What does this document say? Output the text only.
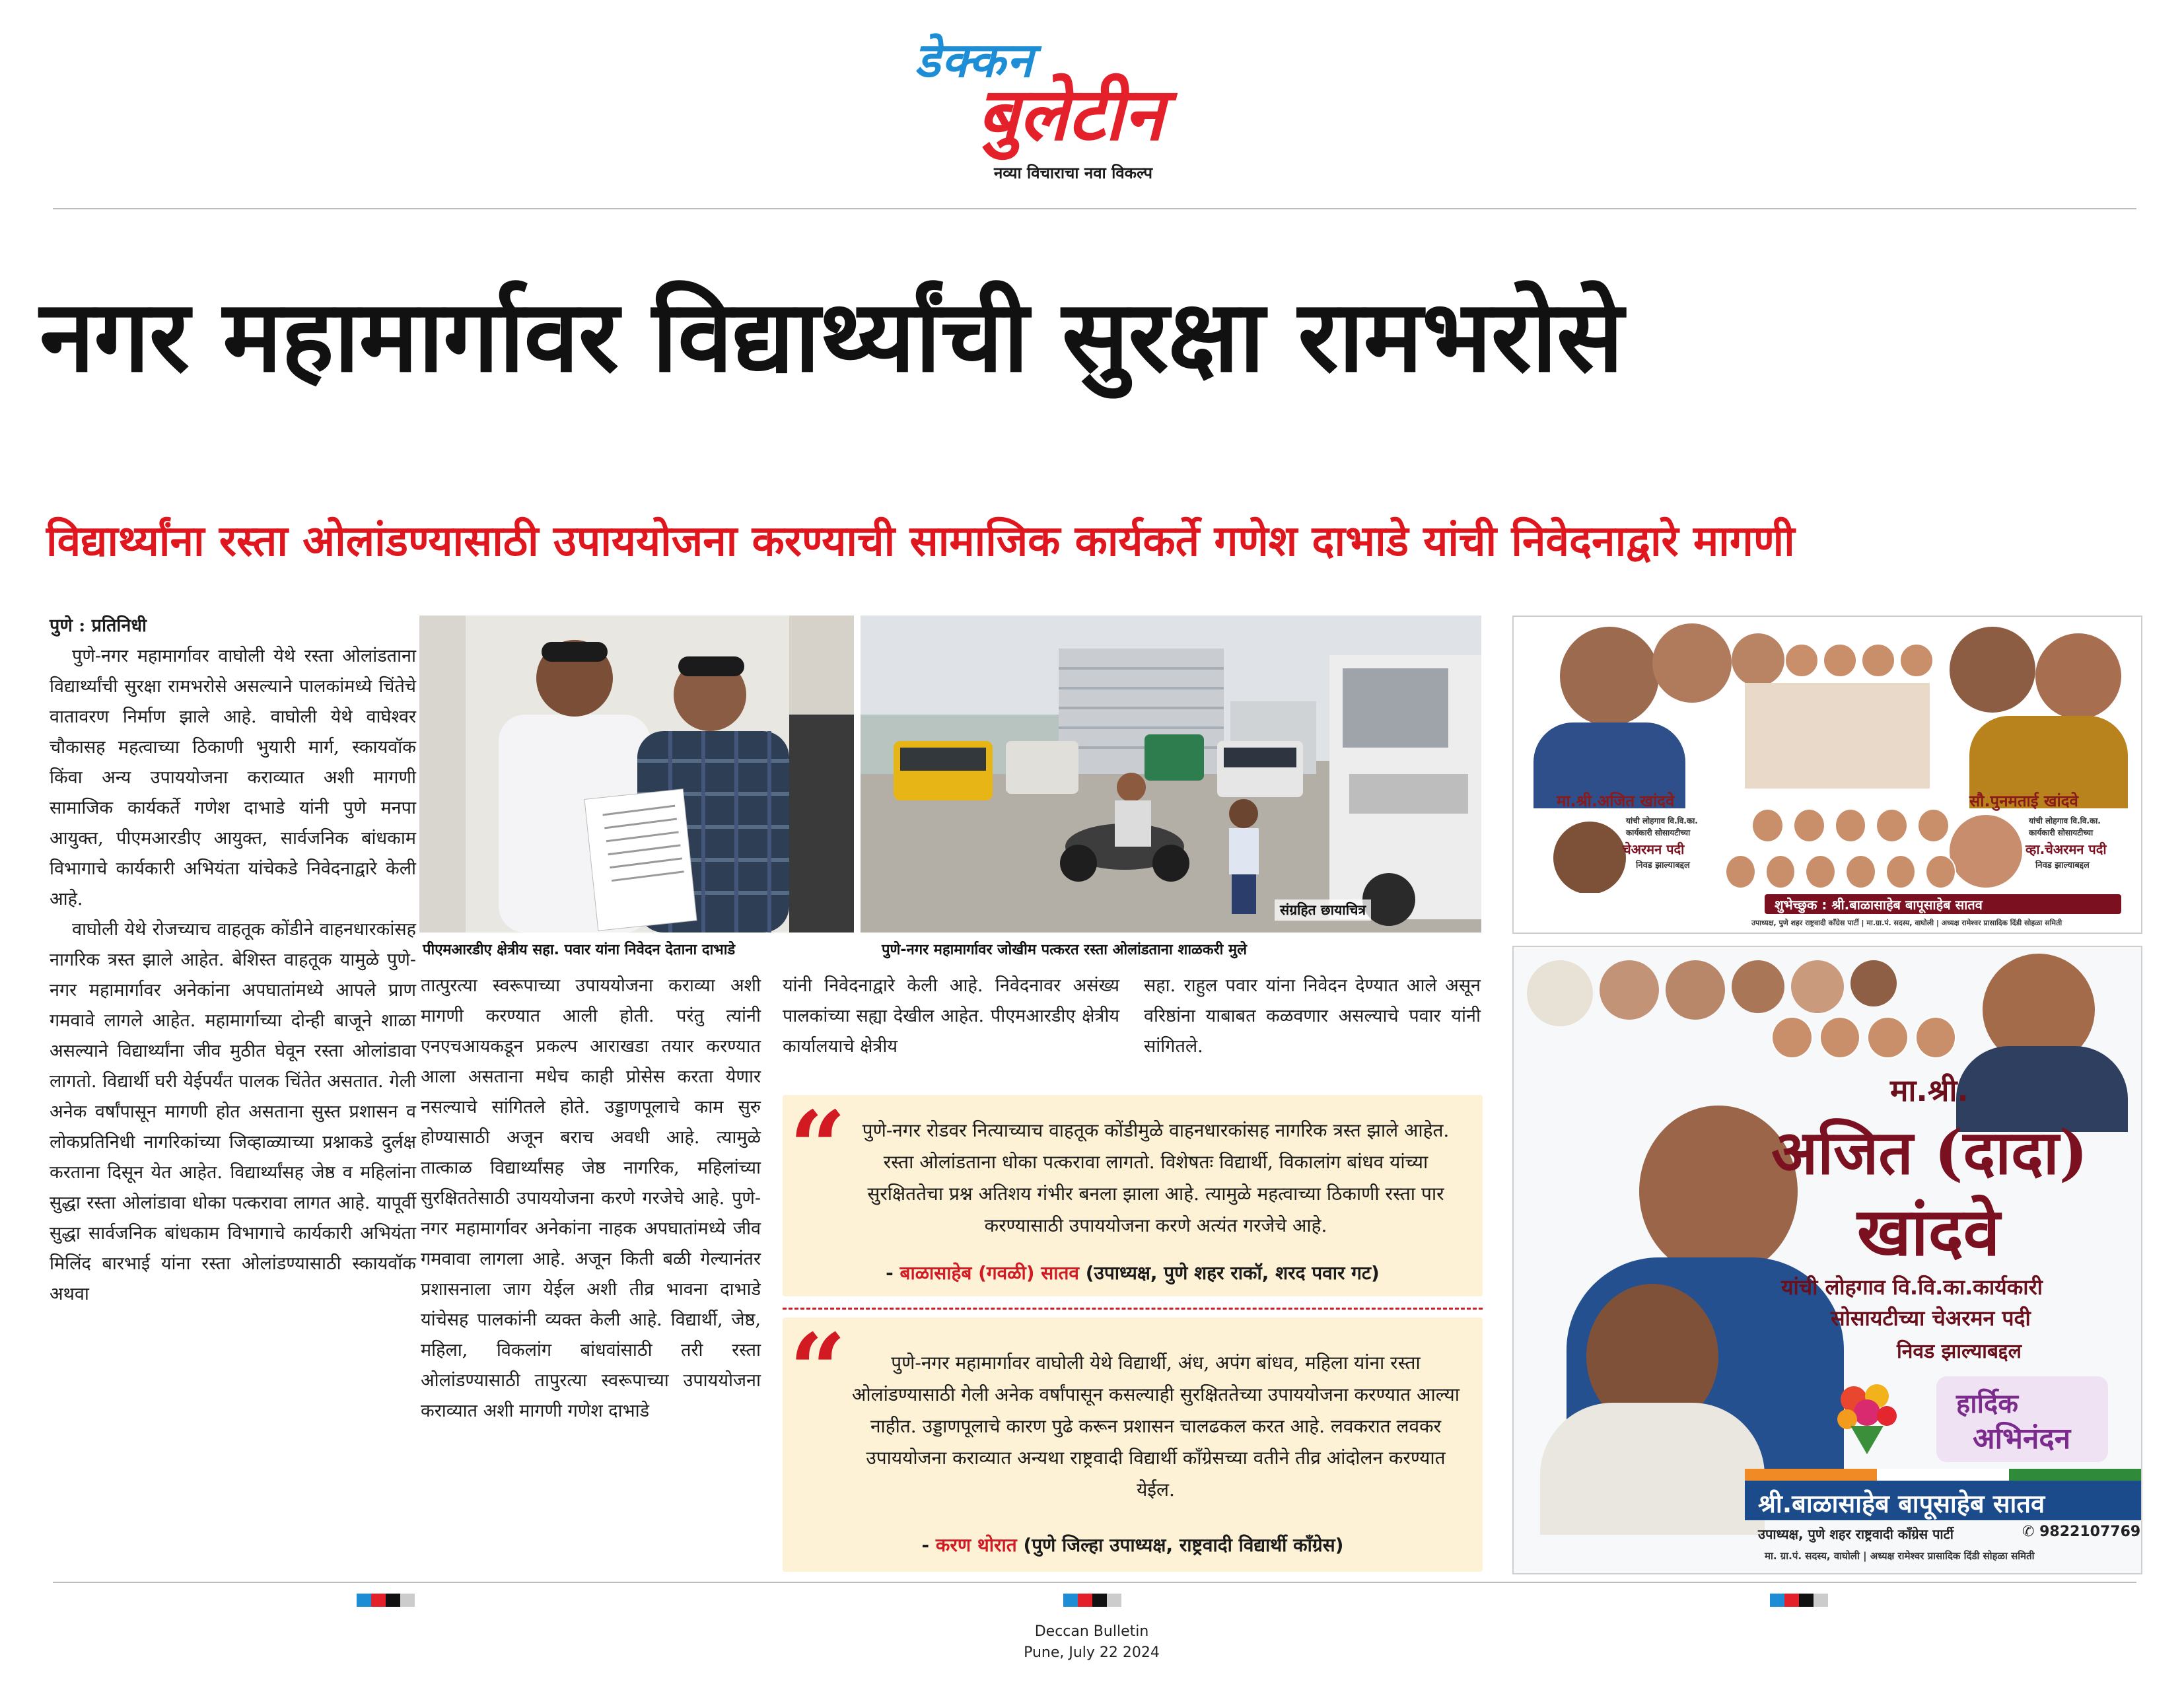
डेक्कन
बुलेटीन
नव्या विचाराचा नवा विकल्प
नगर महामार्गावर विद्यार्थ्यांची सुरक्षा रामभरोसे
विद्यार्थ्यांना रस्ता ओलांडण्यासाठी उपाययोजना करण्याची सामाजिक कार्यकर्ते गणेश दाभाडे यांची निवेदनाद्वारे मागणी

पुणे : प्रतिनिधी

पुणे-नगर महामार्गावर वाघोली येथे रस्ता ओलांडताना विद्यार्थ्यांची सुरक्षा रामभरोसे असल्याने पालकांमध्ये चिंतेचे वातावरण निर्माण झाले आहे. वाघोली येथे वाघेश्वर चौकासह महत्वाच्या ठिकाणी भुयारी मार्ग, स्कायवॉक किंवा अन्य उपाययोजना कराव्यात अशी मागणी सामाजिक कार्यकर्ते गणेश दाभाडे यांनी पुणे मनपा आयुक्त, पीएमआरडीए आयुक्त, सार्वजनिक बांधकाम विभागाचे कार्यकारी अभियंता यांचेकडे निवेदनाद्वारे केली आहे.

वाघोली येथे रोजच्याच वाहतूक कोंडीने वाहनधारकांसह नागरिक त्रस्त झाले आहेत. बेशिस्त वाहतूक यामुळे पुणे-नगर महामार्गावर अनेकांना अपघातांमध्ये आपले प्राण गमवावे लागले आहेत. महामार्गाच्या दोन्ही बाजूने शाळा असल्याने विद्यार्थ्यांना जीव मुठीत घेवून रस्ता ओलांडावा लागतो. विद्यार्थी घरी येईपर्यंत पालक चिंतेत असतात. गेली अनेक वर्षांपासून मागणी होत असताना सुस्त प्रशासन व लोकप्रतिनिधी नागरिकांच्या जिव्हाळ्याच्या प्रश्नाकडे दुर्लक्ष करताना दिसून येत आहेत. विद्यार्थ्यांसह जेष्ठ व महिलांना सुद्धा रस्ता ओलांडावा धोका पत्करावा लागत आहे. यापूर्वी सुद्धा सार्वजनिक बांधकाम विभागाचे कार्यकारी अभियंता मिलिंद बारभाई यांना रस्ता ओलांडण्यासाठी स्कायवॉक अथवा

पीएमआरडीए क्षेत्रीय सहा. पवार यांना निवेदन देताना दाभाडे
संग्रहित छायाचित्र
पुणे-नगर महामार्गावर जोखीम पत्करत रस्ता ओलांडताना शाळकरी मुले

तात्पुरत्या स्वरूपाच्या उपाययोजना कराव्या अशी मागणी करण्यात आली होती. परंतु त्यांनी एनएचआयकडून प्रकल्प आराखडा तयार करण्यात आला असताना मधेच काही प्रोसेस करता येणार नसल्याचे सांगितले होते. उड्डाणपूलाचे काम सुरु होण्यासाठी अजून बराच अवधी आहे. त्यामुळे तात्काळ विद्यार्थ्यांसह जेष्ठ नागरिक, महिलांच्या सुरक्षिततेसाठी उपाययोजना करणे गरजेचे आहे. पुणे-नगर महामार्गावर अनेकांना नाहक अपघातांमध्ये जीव गमवावा लागला आहे. अजून किती बळी गेल्यानंतर प्रशासनाला जाग येईल अशी तीव्र भावना दाभाडे यांचेसह पालकांनी व्यक्त केली आहे. विद्यार्थी, जेष्ठ, महिला, विकलांग बांधवांसाठी तरी रस्ता ओलांडण्यासाठी तापुरत्या स्वरूपाच्या उपाययोजना कराव्यात अशी मागणी गणेश दाभाडे

यांनी निवेदनाद्वारे केली आहे. निवेदनावर असंख्य पालकांच्या सह्या देखील आहेत. पीएमआरडीए क्षेत्रीय कार्यालयाचे क्षेत्रीय

सहा. राहुल पवार यांना निवेदन देण्यात आले असून वरिष्ठांना याबाबत कळवणार असल्याचे पवार यांनी सांगितले.

“ पुणे-नगर रोडवर नित्याच्याच वाहतूक कोंडीमुळे वाहनधारकांसह नागरिक त्रस्त झाले आहेत. रस्ता ओलांडताना धोका पत्करावा लागतो. विशेषतः विद्यार्थी, विकालांग बांधव यांच्या सुरक्षिततेचा प्रश्न अतिशय गंभीर बनला झाला आहे. त्यामुळे महत्वाच्या ठिकाणी रस्ता पार करण्यासाठी उपाययोजना करणे अत्यंत गरजेचे आहे.
- बाळासाहेब (गवळी) सातव (उपाध्यक्ष, पुणे शहर राकॉ, शरद पवार गट)
“	पुणे-नगर महामार्गावर वाघोली येथे विद्यार्थी, अंध, अपंग बांधव, महिला यांना रस्ता ओलांडण्यासाठी गेली अनेक वर्षांपासून कसल्याही सुरक्षिततेच्या उपाययोजना करण्यात आल्या नाहीत. उड्डाणपूलाचे कारण पुढे करून प्रशासन चालढकल करत आहे. लवकरात लवकर उपाययोजना कराव्यात अन्यथा राष्ट्रवादी विद्यार्थी काँग्रेसच्या वतीने तीव्र आंदोलन करण्यात येईल.
- करण थोरात (पुणे जिल्हा उपाध्यक्ष, राष्ट्रवादी विद्यार्थी काँग्रेस)
मा.श्री.अजित खांदवे
यांची लोहगाव वि.वि.का.
कार्यकारी सोसायटीच्या
चेअरमन पदी
निवड झाल्याबद्दल
सौ.पुनमताई खांदवे
यांची लोहगाव वि.वि.का.
कार्यकारी सोसायटीच्या
व्हा.चेअरमन पदी
निवड झाल्याबद्दल
शुभेच्छुक : श्री.बाळासाहेब बापूसाहेब सातव
उपाध्यक्ष, पुणे शहर राष्ट्रवादी काँग्रेस पार्टी | मा.ग्रा.पं. सदस्य, वाघोली | अध्यक्ष रामेश्वर प्रासादिक दिंडी सोहळा समिती
मा.श्री.
अजित (दादा)
खांदवे
यांची लोहगाव वि.वि.का.कार्यकारी
सोसायटीच्या चेअरमन पदी
निवड झाल्याबद्दल
हार्दिक
अभिनंदन
श्री.बाळासाहेब बापूसाहेब सातव
उपाध्यक्ष, पुणे शहर राष्ट्रवादी काँग्रेस पार्टी	✆ 9822107769
मा. ग्रा.पं. सदस्य, वाघोली | अध्यक्ष रामेश्वर प्रासादिक दिंडी सोहळा समिती
Deccan Bulletin
Pune, July 22 2024
